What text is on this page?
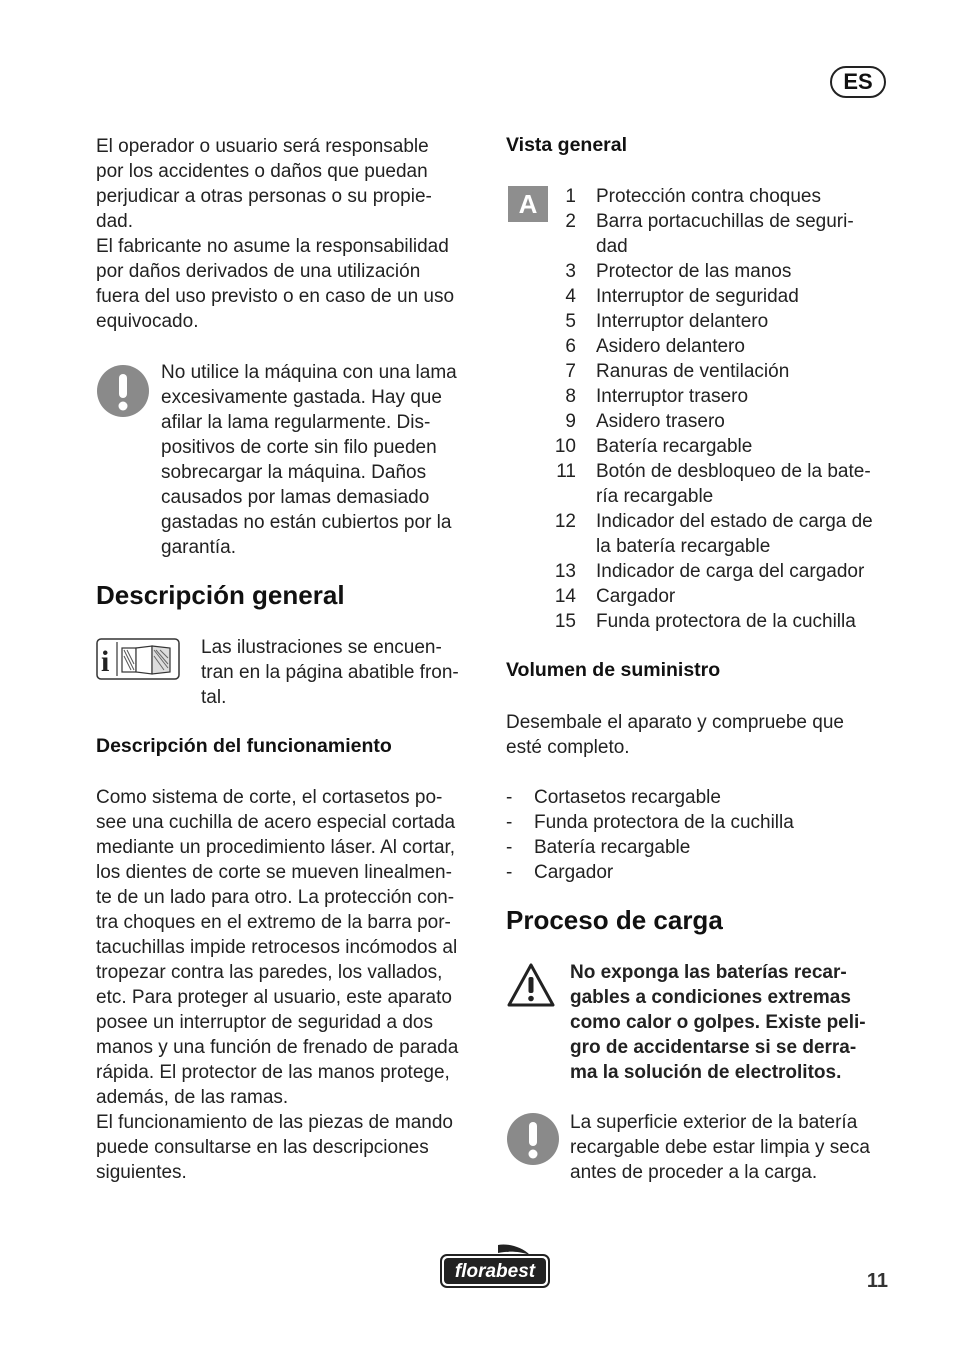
ES

El operador o usuario será responsable
por los accidentes o daños que puedan
perjudicar a otras personas o su propie-
dad.
El fabricante no asume la responsabilidad
por daños derivados de una utilización
fuera del uso previsto o en caso de un uso
equivocado.

No utilice la máquina con una lama
excesivamente gastada. Hay que
afilar la lama regularmente. Dis-
positivos de corte sin filo pueden
sobrecargar la máquina. Daños
causados por lamas demasiado
gastadas no están cubiertos por la
garantía.

Descripción general
i	Las ilustraciones se encuen-
tran en la página abatible fron-
tal.

Descripción del funcionamiento

Como sistema de corte, el cortasetos po-
see una cuchilla de acero especial cortada
mediante un procedimiento láser. Al cortar,
los dientes de corte se mueven linealmen-
te de un lado para otro. La protección con-
tra choques en el extremo de la barra por-
tacuchillas impide retrocesos incómodos al
tropezar contra las paredes, los vallados,
etc. Para proteger al usuario, este aparato
posee un interruptor de seguridad a dos
manos y una función de frenado de parada
rápida. El protector de las manos protege,
además, de las ramas.
El funcionamiento de las piezas de mando
puede consultarse en las descripciones
siguientes.

Vista general
A	1	Protección contra choques
2	Barra portacuchillas de seguri-
dad
3	Protector de las manos
4	Interruptor de seguridad
5	Interruptor delantero
6	Asidero delantero
7	Ranuras de ventilación
8	Interruptor trasero
9	Asidero trasero
10	Batería recargable
11	Botón de desbloqueo de la bate-
ría recargable
12	Indicador del estado de carga de
la batería recargable
13	Indicador de carga del cargador
14	Cargador
15	Funda protectora de la cuchilla
Volumen de suministro

Desembale el aparato y compruebe que
esté completo.

-	Cortasetos recargable
-	Funda protectora de la cuchilla
-	Batería recargable
-	Cargador
Proceso de carga

No exponga las baterías recar-
gables a condiciones extremas
como calor o golpes. Existe peli-
gro de accidentarse si se derra-
ma la solución de electrolitos.

La superficie exterior de la batería
recargable debe estar limpia y seca
antes de proceder a la carga.

florabest	11
